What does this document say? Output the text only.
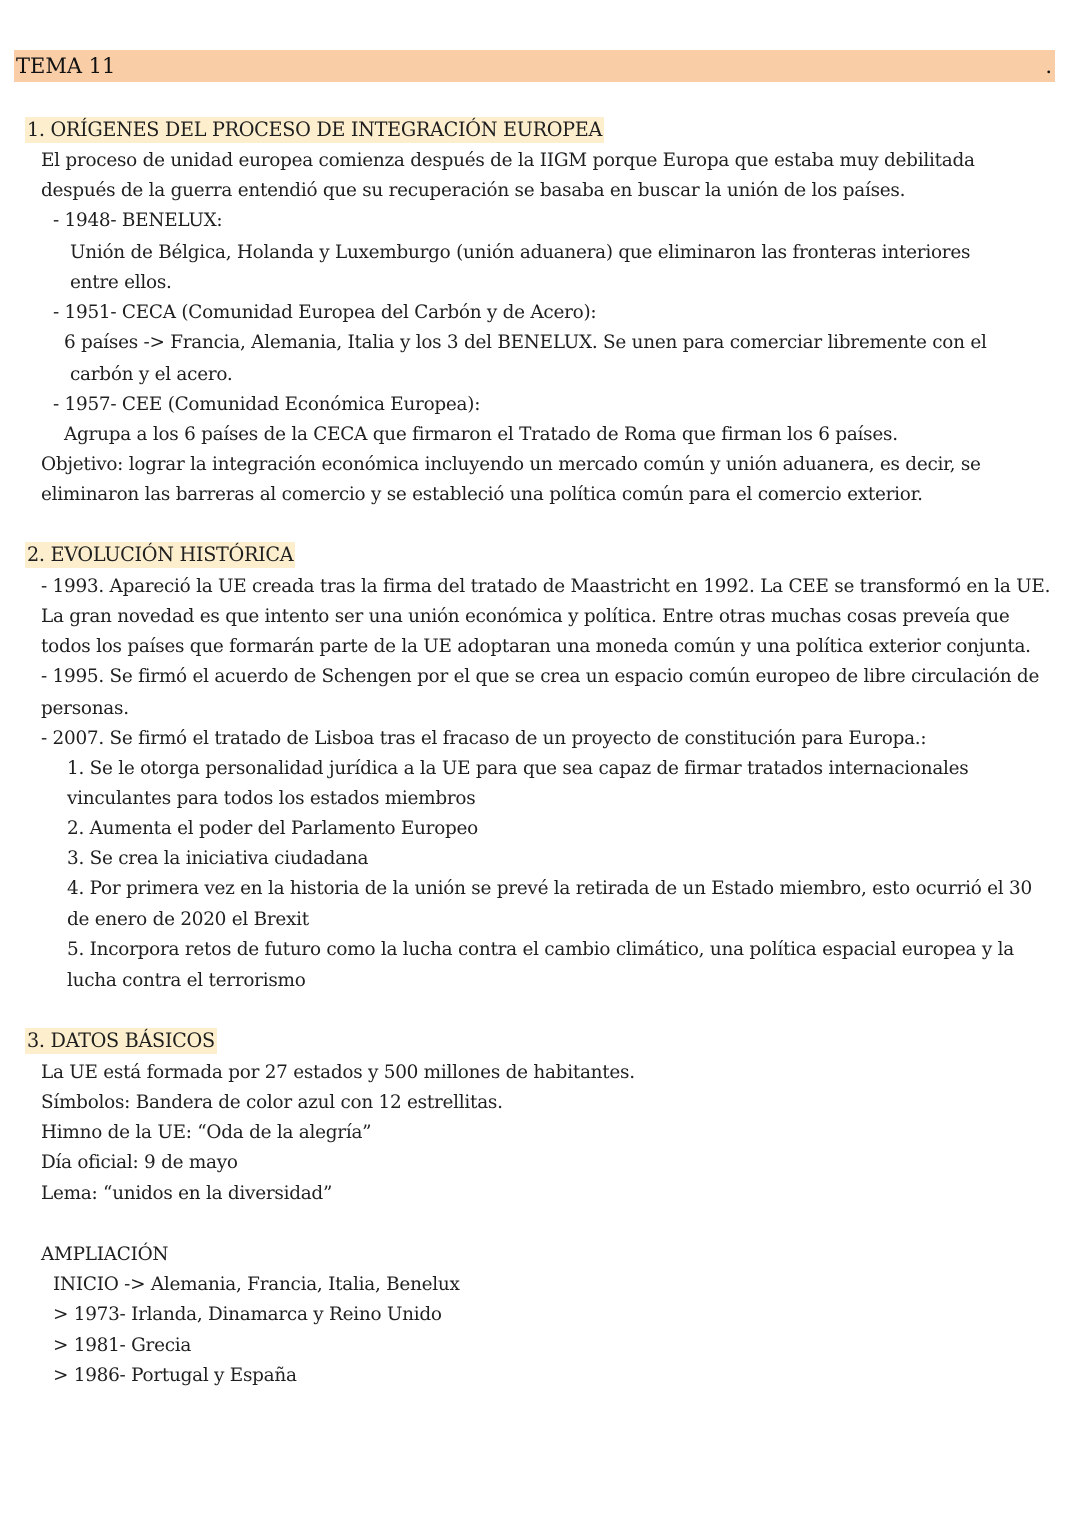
TEMA 11	.
1. ORÍGENES DEL PROCESO DE INTEGRACIÓN EUROPEA
El proceso de unidad europea comienza después de la IIGM porque Europa que estaba muy debilitada
después de la guerra entendió que su recuperación se basaba en buscar la unión de los países.
- 1948- BENELUX:
Unión de Bélgica, Holanda y Luxemburgo (unión aduanera) que eliminaron las fronteras interiores
entre ellos.
- 1951- CECA (Comunidad Europea del Carbón y de Acero):
6 países -> Francia, Alemania, Italia y los 3 del BENELUX. Se unen para comerciar libremente con el
carbón y el acero.
- 1957- CEE (Comunidad Económica Europea):
Agrupa a los 6 países de la CECA que firmaron el Tratado de Roma que firman los 6 países.
Objetivo: lograr la integración económica incluyendo un mercado común y unión aduanera, es decir, se
eliminaron las barreras al comercio y se estableció una política común para el comercio exterior.
2. EVOLUCIÓN HISTÓRICA
- 1993. Apareció la UE creada tras la firma del tratado de Maastricht en 1992. La CEE se transformó en la UE.
La gran novedad es que intento ser una unión económica y política. Entre otras muchas cosas preveía que
todos los países que formarán parte de la UE adoptaran una moneda común y una política exterior conjunta.
- 1995. Se firmó el acuerdo de Schengen por el que se crea un espacio común europeo de libre circulación de
personas.
- 2007. Se firmó el tratado de Lisboa tras el fracaso de un proyecto de constitución para Europa.:
1. Se le otorga personalidad jurídica a la UE para que sea capaz de firmar tratados internacionales
vinculantes para todos los estados miembros
2. Aumenta el poder del Parlamento Europeo
3. Se crea la iniciativa ciudadana
4. Por primera vez en la historia de la unión se prevé la retirada de un Estado miembro, esto ocurrió el 30
de enero de 2020 el Brexit
5. Incorpora retos de futuro como la lucha contra el cambio climático, una política espacial europea y la
lucha contra el terrorismo
3. DATOS BÁSICOS
La UE está formada por 27 estados y 500 millones de habitantes.
Símbolos: Bandera de color azul con 12 estrellitas.
Himno de la UE: “Oda de la alegría”
Día oficial: 9 de mayo
Lema: “unidos en la diversidad”
AMPLIACIÓN
INICIO -> Alemania, Francia, Italia, Benelux
> 1973- Irlanda, Dinamarca y Reino Unido
> 1981- Grecia
> 1986- Portugal y España
